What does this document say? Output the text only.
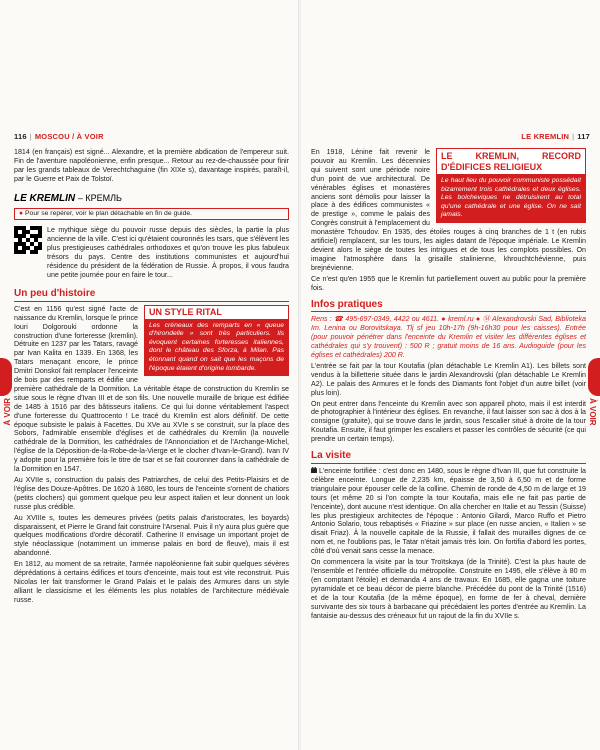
116 | MOSCOU / À VOIR
À VOIR

1814 (en français) est signé... Alexandre, et la première abdication de l'empereur suit. Fin de l'aventure napoléonienne, enfin presque... Retour au rez-de-chaussée pour finir par les grands tableaux de Verechtchaguine (fin XIXe s), davantage inspirés, paraît-il, par le Guerre et Paix de Tolstoï.

LE KREMLIN – КРЕМЛЬ
● Pour se repérer, voir le plan détachable en fin de guide.

Le mythique siège du pouvoir russe depuis des siècles, la partie la plus ancienne de la ville. C'est ici qu'étaient couronnés les tsars, que s'élèvent les plus prestigieuses cathédrales orthodoxes et qu'on trouve les plus fabuleux trésors du pays. Centre des institutions communistes et aujourd'hui résidence du président de la fédération de Russie. À propos, il vous faudra une petite journée pour en faire le tour...

Un peu d'histoire
UN STYLE RITAL
Les créneaux des remparts en « queue d'hirondelle » sont très particuliers. Ils évoquent certaines forteresses italiennes, dont le château des Sforza, à Milan. Pas étonnant quand on sait que les maçons de l'époque étaient d'origine lombarde.

C'est en 1156 qu'est signé l'acte de naissance du Kremlin, lorsque le prince Iouri Dolgorouki ordonne la construction d'une forteresse (kremlin). Détruite en 1237 par les Tatars, ravagé par Ivan Kalita en 1339. En 1368, les Tatars menaçant encore, le prince Dmitri Donskoï fait remplacer l'enceinte de bois par des remparts et édifie une première cathédrale de la Dormition. La véritable étape de construction du Kremlin se situe sous le règne d'Ivan III et de son fils. Une nouvelle muraille de brique est édifiée de 1485 à 1516 par des bâtisseurs italiens. Ce qui lui donne véritablement l'aspect d'une forteresse du Quattrocento ! Le tracé du Kremlin est alors définitif. De cette époque subsiste le palais à Facettes. Du XVe au XVIe s se construit, sur la place des Sobors, l'admirable ensemble d'églises et de cathédrales du Kremlin (la nouvelle cathédrale de la Dormition, les cathédrales de l'Annonciation et de l'Archange-Michel, l'église de la Déposition-de-la-Robe-de-la-Vierge et le clocher d'Ivan-le-Grand). Ivan IV y adopte pour la première fois le titre de tsar et se fait couronner dans la cathédrale de la Dormition en 1547.

Au XVIIe s, construction du palais des Patriarches, de celui des Petits-Plaisirs et de l'église des Douze-Apôtres. De 1620 à 1680, les tours de l'enceinte s'ornent de chatiors (petits clochers) qui gomment quelque peu leur aspect italien et leur donnent un look russe plus crédible.

Au XVIIIe s, toutes les demeures privées (petits palais d'aristocrates, les boyards) disparaissent, et Pierre le Grand fait construire l'Arsenal. Puis il n'y aura plus guère que quelques modifications d'ordre décoratif. Catherine II envisage un important projet de style néoclassique (notamment un immense palais en bord de fleuve), mais il est abandonné.

En 1812, au moment de sa retraite, l'armée napoléonienne fait subir quelques sévères déprédations à certains édifices et tours d'enceinte, mais tout est vite reconstruit. Puis Nicolas Ier fait transformer le Grand Palais et le palais des Armures dans un style alliant le classicisme et les éléments les plus notables de l'architecture médiévale russe.

LE KREMLIN | 117
À VOIR
LE KREMLIN, RECORD D'ÉDIFICES RELIGIEUX
Le haut lieu du pouvoir communiste possédait bizarrement trois cathédrales et deux églises. Les bolcheviques ne détruisirent au total qu'une cathédrale et une église. On ne sait jamais.

En 1918, Lénine fait revenir le pouvoir au Kremlin. Les décennies qui suivent sont une période noire d'un point de vue architectural. De vénérables églises et monastères anciens sont démolis pour laisser la place à des édifices communistes « de prestige », comme le palais des Congrès construit à l'emplacement du monastère Tchoudov. En 1935, des étoiles rouges à cinq branches de 1 t (en rubis artificiel) remplacent, sur les tours, les aigles datant de l'époque impériale. Le Kremlin devient alors le siège de toutes les intrigues et de tous les complots possibles. On imagine l'atmosphère dans la grisaille stalinienne, khrouchtchévienne, puis brejnévienne.

Ce n'est qu'en 1955 que le Kremlin fut partiellement ouvert au public pour la première fois.

Infos pratiques

Rens : ☎ 495-697-0349, 4422 ou 4611. ● kreml.ru ● Ⓜ Alexandrovski Sad, Biblioteka Im. Lenina ou Borovitskaya. Tlj sf jeu 10h-17h (9h-16h30 pour les caisses). Entrée (pour pouvoir pénétrer dans l'enceinte du Kremlin et visiter les différentes églises et cathédrales qui s'y trouvent) : 500 R ; gratuit moins de 16 ans. Audioguide (pour les églises et cathédrales) 200 R.

L'entrée se fait par la tour Koutafia (plan détachable Le Kremlin A1). Les billets sont vendus à la billetterie située dans le jardin Alexandrovski (plan détachable Le Kremlin A2). Le palais des Armures et le fonds des Diamants font l'objet d'un autre billet (voir plus loin).

On peut entrer dans l'enceinte du Kremlin avec son appareil photo, mais il est interdit de photographier à l'intérieur des églises. En revanche, il faut laisser son sac à dos à la consigne (gratuite), qui se trouve dans le jardin, sous l'escalier situé à droite de la tour Koutafia. Ensuite, il faut grimper les escaliers et passer les contrôles de sécurité (ce qui prendre un certain temps).

La visite

L'enceinte fortifiée : c'est donc en 1480, sous le règne d'Ivan III, que fut construite la célèbre enceinte. Longue de 2,235 km, épaisse de 3,50 à 6,50 m et de forme triangulaire pour épouser celle de la colline. Chemin de ronde de 4,50 m de large et 19 tours (et même 20 si l'on compte la tour Koutafia, mais elle ne fait pas partie de l'enceinte), dont aucune n'est identique. On alla chercher en Italie et au Tessin (Suisse) les plus prestigieux architectes de l'époque : Antonio Gilardi, Marco Ruffo et Pietro Antonio Solario, tous rebaptisés « Friazine » sur place (en russe ancien, « Italien » se disait Friaz). À la nouvelle capitale de la Russie, il fallait des murailles dignes de ce nom et, ne l'oublions pas, le Tatar n'était jamais très loin. On fortifia d'abord les portes, côté d'où venait sans cesse la menace.

On commencera la visite par la tour Troïtskaya (de la Trinité). C'est la plus haute de l'ensemble et l'entrée officielle du métropolite. Construite en 1495, elle s'élève à 80 m (en comptant l'étoile) et demanda 4 ans de travaux. En 1685, elle gagna une toiture pyramidale et ce beau décor de pierre blanche. Précédée du pont de la Trinité (1516) et de la tour Koutafia (de la même époque), en forme de fer à cheval, dernière survivante des six tours à barbacane qui précédaient les portes d'entrée au Kremlin. La fantaisie au-dessus des créneaux fut un rajout de la fin du XVIIe s.
